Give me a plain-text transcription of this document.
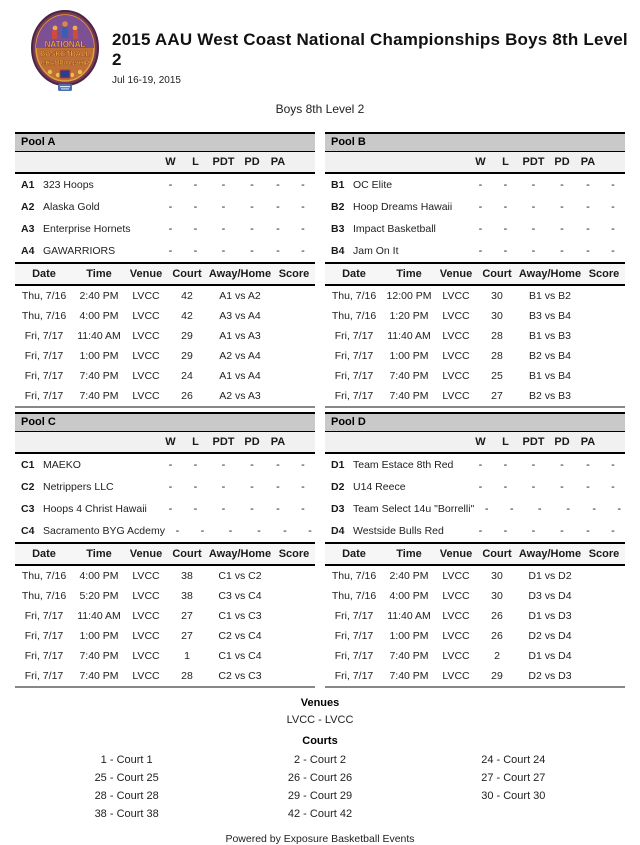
NATIONAL
BASKETBALL
CHAMPIONSHIP
2015 AAU West Coast National Championships Boys 8th Level 2
Jul 16-19, 2015
Boys 8th Level 2
Pool A
W	L	PDT PD	PA
A1 323 Hoops	-	-	-	-	-	-
A2 Alaska Gold	-	-	-	-	-	-
A3 Enterprise Hornets	-	-	-	-	-	-
A4 GAWARRIORS	-	-	-	-	-	-
Date	Time	Venue Court Away/Home Score
Thu, 7/16	2:40 PM	LVCC	42	A1 vs A2
Thu, 7/16	4:00 PM	LVCC	42	A3 vs A4
Fri, 7/17	11:40 AM	LVCC	29	A1 vs A3
Fri, 7/17	1:00 PM	LVCC	29	A2 vs A4
Fri, 7/17	7:40 PM	LVCC	24	A1 vs A4
Fri, 7/17	7:40 PM	LVCC	26	A2 vs A3
Pool B
W	L	PDT PD	PA
B1 OC Elite	-	-	-	-	-	-
B2 Hoop Dreams Hawaii	-	-	-	-	-	-
B3 Impact Basketball	-	-	-	-	-	-
B4 Jam On It	-	-	-	-	-	-
Date	Time	Venue Court Away/Home Score
Thu, 7/16 12:00 PM	LVCC	30	B1 vs B2
Thu, 7/16	1:20 PM	LVCC	30	B3 vs B4
Fri, 7/17	11:40 AM	LVCC	28	B1 vs B3
Fri, 7/17	1:00 PM	LVCC	28	B2 vs B4
Fri, 7/17	7:40 PM	LVCC	25	B1 vs B4
Fri, 7/17	7:40 PM	LVCC	27	B2 vs B3
Pool C
W	L	PDT PD	PA
C1 MAEKO	-	-	-	-	-	-
C2 Netrippers LLC	-	-	-	-	-	-
C3 Hoops 4 Christ Hawaii	-	-	-	-	-	-
C4 Sacramento BYG Acdemy -	-	-	-	-	-
Date	Time	Venue Court Away/Home Score
Thu, 7/16	4:00 PM	LVCC	38	C1 vs C2
Thu, 7/16	5:20 PM	LVCC	38	C3 vs C4
Fri, 7/17	11:40 AM	LVCC	27	C1 vs C3
Fri, 7/17	1:00 PM	LVCC	27	C2 vs C4
Fri, 7/17	7:40 PM	LVCC	1	C1 vs C4
Fri, 7/17	7:40 PM	LVCC	28	C2 vs C3
Pool D
W	L	PDT PD	PA
D1 Team Estace 8th Red	-	-	-	-	-	-
D2 U14 Reece	-	-	-	-	-	-
D3 Team Select 14u "Borrelli" -	-	-	-	-	-
D4 Westside Bulls Red	-	-	-	-	-	-
Date	Time	Venue Court Away/Home Score
Thu, 7/16	2:40 PM	LVCC	30	D1 vs D2
Thu, 7/16	4:00 PM	LVCC	30	D3 vs D4
Fri, 7/17	11:40 AM	LVCC	26	D1 vs D3
Fri, 7/17	1:00 PM	LVCC	26	D2 vs D4
Fri, 7/17	7:40 PM	LVCC	2	D1 vs D4
Fri, 7/17	7:40 PM	LVCC	29	D2 vs D3
Venues
LVCC - LVCC
Courts
1 - Court 1	2 - Court 2	24 - Court 24
25 - Court 25	26 - Court 26	27 - Court 27
28 - Court 28	29 - Court 29	30 - Court 30
38 - Court 38	42 - Court 42
Powered by Exposure Basketball Events
